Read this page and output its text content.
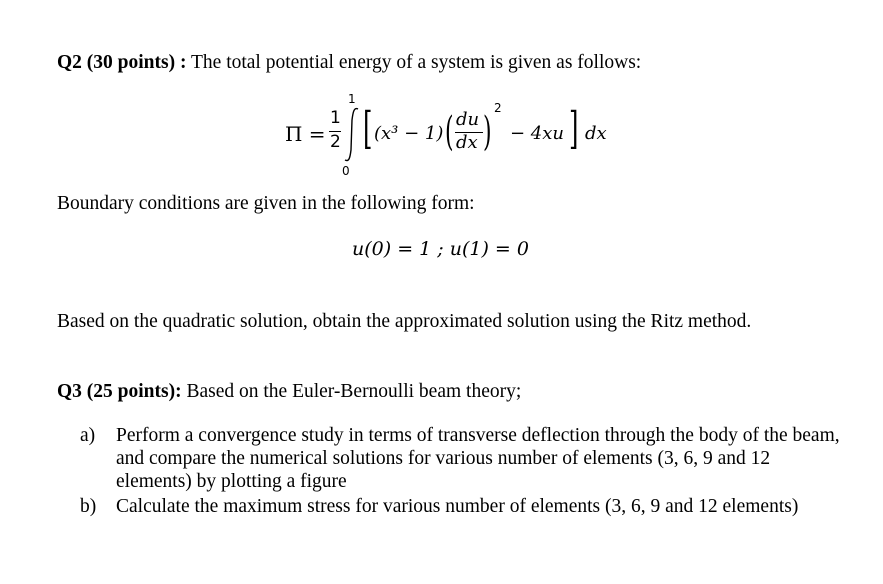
Q2 (30 points) : The total potential energy of a system is given as follows:
Π =
1
2
1
0
[ (x³ − 1) ( du
dx )
2
− 4xu ] dx
Boundary conditions are given in the following form:
u(0) = 1 ; u(1) = 0
Based on the quadratic solution, obtain the approximated solution using the Ritz method.
Q3 (25 points): Based on the Euler-Bernoulli beam theory;
a) Perform a convergence study in terms of transverse deflection through the body of the beam, and compare the numerical solutions for various number of elements (3, 6, 9 and 12 elements) by plotting a figure
b) Calculate the maximum stress for various number of elements (3, 6, 9 and 12 elements)
